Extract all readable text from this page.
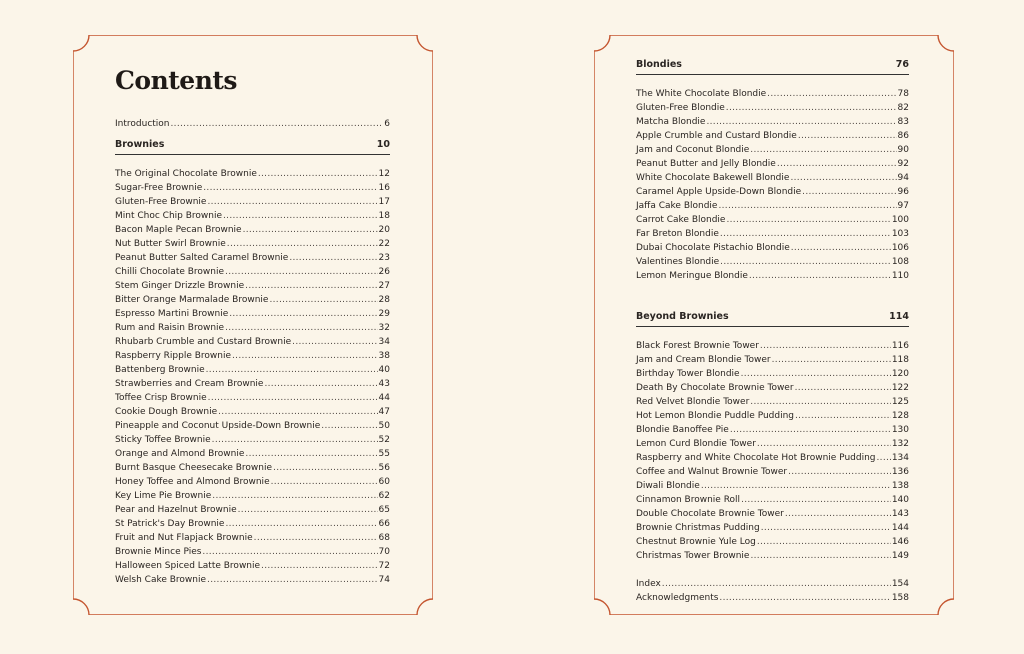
Contents
Introduction .....	6
Brownies	10
The Original Chocolate Brownie .....	12
Sugar-Free Brownie .....	16
Gluten-Free Brownie .....	17
Mint Choc Chip Brownie .....	18
Bacon Maple Pecan Brownie .....	20
Nut Butter Swirl Brownie .....	22
Peanut Butter Salted Caramel Brownie .....	23
Chilli Chocolate Brownie .....	26
Stem Ginger Drizzle Brownie .....	27
Bitter Orange Marmalade Brownie .....	28
Espresso Martini Brownie .....	29
Rum and Raisin Brownie .....	32
Rhubarb Crumble and Custard Brownie .....	34
Raspberry Ripple Brownie .....	38
Battenberg Brownie .....	40
Strawberries and Cream Brownie .....	43
Toffee Crisp Brownie .....	44
Cookie Dough Brownie .....	47
Pineapple and Coconut Upside-Down Brownie .....	50
Sticky Toffee Brownie .....	52
Orange and Almond Brownie .....	55
Burnt Basque Cheesecake Brownie .....	56
Honey Toffee and Almond Brownie .....	60
Key Lime Pie Brownie .....	62
Pear and Hazelnut Brownie .....	65
St Patrick's Day Brownie .....	66
Fruit and Nut Flapjack Brownie .....	68
Brownie Mince Pies .....	70
Halloween Spiced Latte Brownie .....	72
Welsh Cake Brownie .....	74
Blondies	76
The White Chocolate Blondie .....	78
Gluten-Free Blondie .....	82
Matcha Blondie .....	83
Apple Crumble and Custard Blondie .....	86
Jam and Coconut Blondie .....	90
Peanut Butter and Jelly Blondie .....	92
White Chocolate Bakewell Blondie .....	94
Caramel Apple Upside-Down Blondie .....	96
Jaffa Cake Blondie .....	97
Carrot Cake Blondie .....	100
Far Breton Blondie .....	103
Dubai Chocolate Pistachio Blondie .....	106
Valentines Blondie .....	108
Lemon Meringue Blondie .....	110
Beyond Brownies	114
Black Forest Brownie Tower .....	116
Jam and Cream Blondie Tower .....	118
Birthday Tower Blondie .....	120
Death By Chocolate Brownie Tower .....	122
Red Velvet Blondie Tower .....	125
Hot Lemon Blondie Puddle Pudding .....	128
Blondie Banoffee Pie .....	130
Lemon Curd Blondie Tower .....	132
Raspberry and White Chocolate Hot Brownie Pudding ..... 134
Coffee and Walnut Brownie Tower .....	136
Diwali Blondie .....	138
Cinnamon Brownie Roll .....	140
Double Chocolate Brownie Tower .....	143
Brownie Christmas Pudding .....	144
Chestnut Brownie Yule Log .....	146
Christmas Tower Brownie .....	149
Index .....	154
Acknowledgments .....	158
